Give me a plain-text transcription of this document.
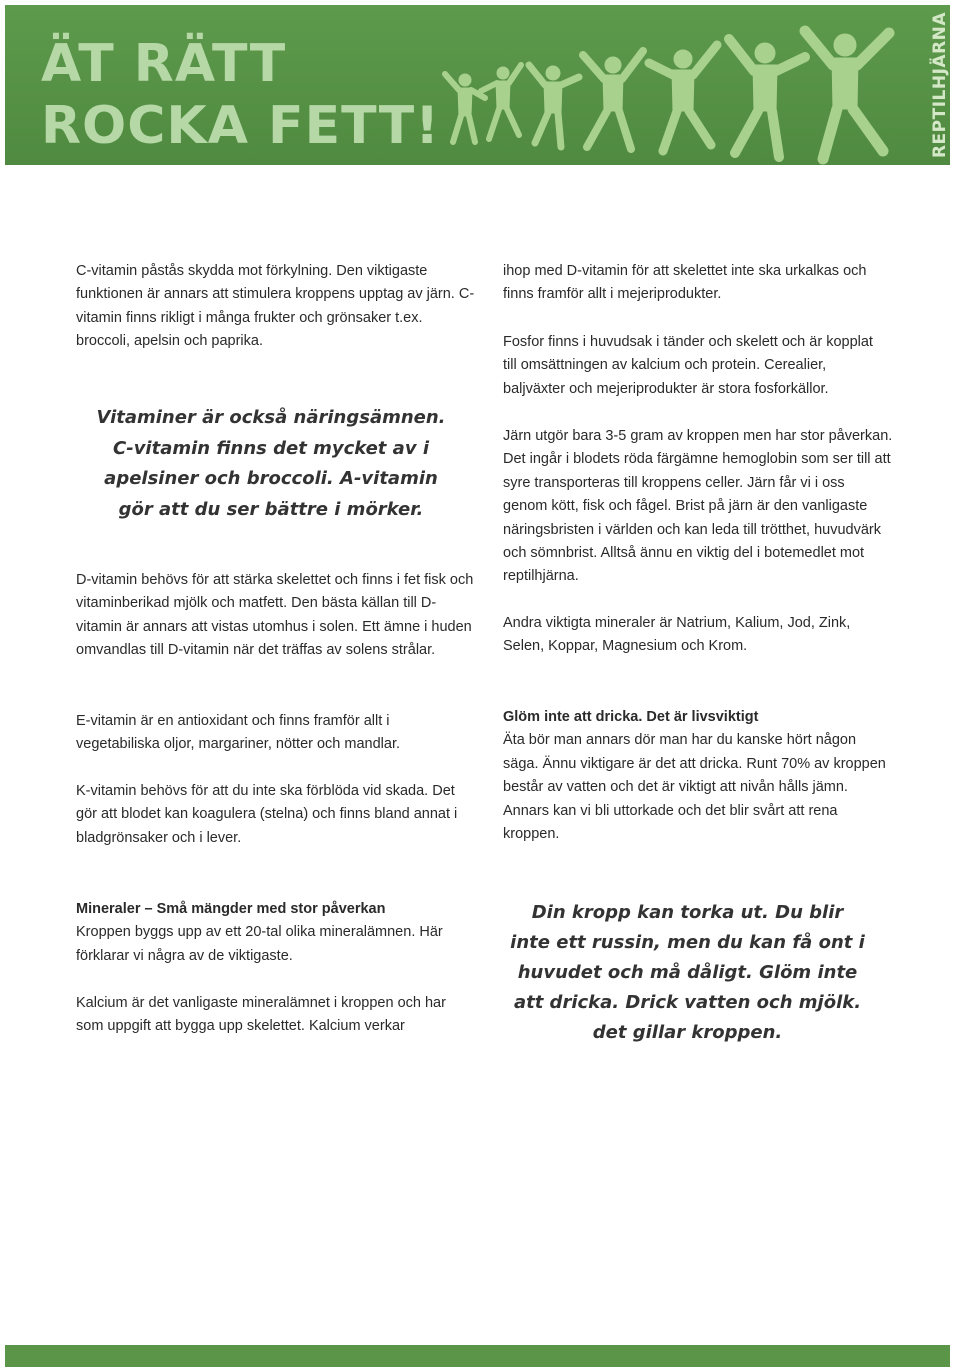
ÄT RÄTT
ROCKA FETT!	REPTILHJÄRNA

C-vitamin påstås skydda mot förkylning. Den viktigaste funktionen är annars att stimulera kroppens upptag av järn. C-vitamin finns rikligt i många frukter och grönsaker t.ex. broccoli, apelsin och paprika.

Vitaminer är också näringsämnen. C-vitamin finns det mycket av i apelsiner och broccoli. A-vitamin gör att du ser bättre i mörker.

D-vitamin behövs för att stärka skelettet och finns i fet fisk och vitaminberikad mjölk och matfett. Den bästa källan till D-vitamin är annars att vistas utomhus i solen. Ett ämne i huden omvandlas till D-vitamin när det träffas av solens strålar.

E-vitamin är en antioxidant och finns framför allt i vegetabiliska oljor, margariner, nötter och mandlar.

K-vitamin behövs för att du inte ska förblöda vid skada. Det gör att blodet kan koagulera (stelna) och finns bland annat i bladgrönsaker och i lever.

Mineraler – Små mängder med stor påverkan

Kroppen byggs upp av ett 20-tal olika mineralämnen. Här förklarar vi några av de viktigaste.

Kalcium är det vanligaste mineralämnet i kroppen och har som uppgift att bygga upp skelettet. Kalcium verkar

ihop med D-vitamin för att skelettet inte ska urkalkas och finns framför allt i mejeriprodukter.

Fosfor finns i huvudsak i tänder och skelett och är kopplat till omsättningen av kalcium och protein. Cerealier, baljväxter och mejeriprodukter är stora fosforkällor.

Järn utgör bara 3-5 gram av kroppen men har stor påverkan. Det ingår i blodets röda färgämne hemoglobin som ser till att syre transporteras till kroppens celler. Järn får vi i oss genom kött, fisk och fågel. Brist på järn är den vanligaste näringsbristen i världen och kan leda till trötthet, huvudvärk och sömnbrist. Alltså ännu en viktig del i botemedlet mot reptilhjärna.

Andra viktigta mineraler är Natrium, Kalium, Jod, Zink, Selen, Koppar, Magnesium och Krom.

Glöm inte att dricka. Det är livsviktigt

Äta bör man annars dör man har du kanske hört någon säga. Ännu viktigare är det att dricka. Runt 70% av kroppen består av vatten och det är viktigt att nivån hålls jämn. Annars kan vi bli uttorkade och det blir svårt att rena kroppen.

Din kropp kan torka ut. Du blir inte ett russin, men du kan få ont i huvudet och må dåligt. Glöm inte att dricka. Drick vatten och mjölk. det gillar kroppen.
